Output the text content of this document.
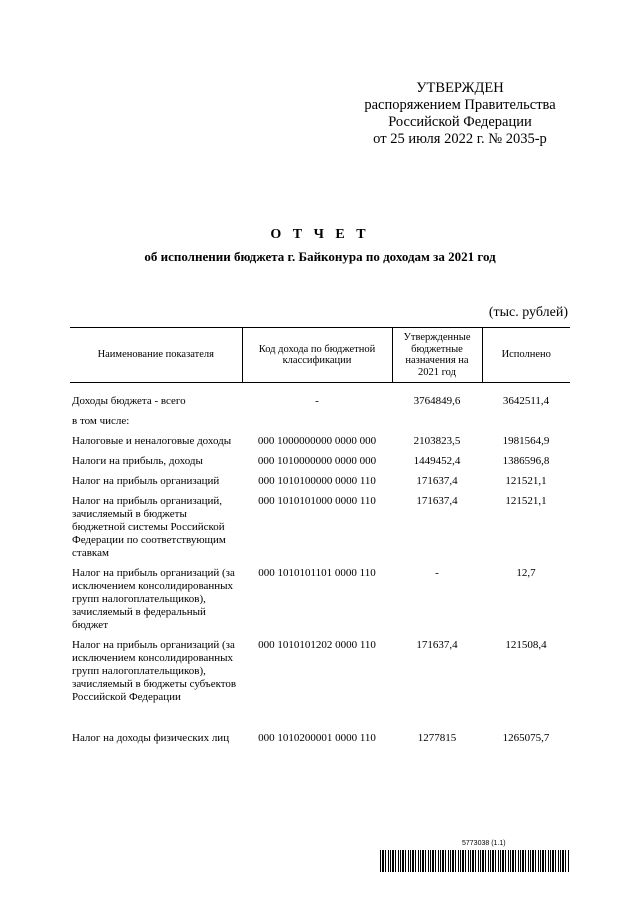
УТВЕРЖДЕН
распоряжением Правительства
Российской Федерации
от 25 июля 2022 г. № 2035-р
О Т Ч Е Т
об исполнении бюджета г. Байконура по доходам за 2021 год
(тыс. рублей)
Наименование показателя	Код дохода по бюджетной классификации	Утвержденные бюджетные назначения на 2021 год	Исполнено
Доходы бюджета - всего	-	3764849,6	3642511,4
в том числе:			
Налоговые и неналоговые доходы	000 1000000000 0000 000	2103823,5	1981564,9
Налоги на прибыль, доходы	000 1010000000 0000 000	1449452,4	1386596,8
Налог на прибыль организаций	000 1010100000 0000 110	171637,4	121521,1
Налог на прибыль организаций, зачисляемый в бюджеты бюджетной системы Российской Федерации по соответствующим ставкам	000 1010101000 0000 110	171637,4	121521,1
Налог на прибыль организаций (за исключением консолидированных групп налогоплательщиков), зачисляемый в федеральный бюджет	000 1010101101 0000 110	-	12,7
Налог на прибыль организаций (за исключением консолидированных групп налогоплательщиков), зачисляемый в бюджеты субъектов Российской Федерации	000 1010101202 0000 110	171637,4	121508,4
Налог на доходы физических лиц	000 1010200001 0000 110	1277815	1265075,7
5773038 (1.1)
